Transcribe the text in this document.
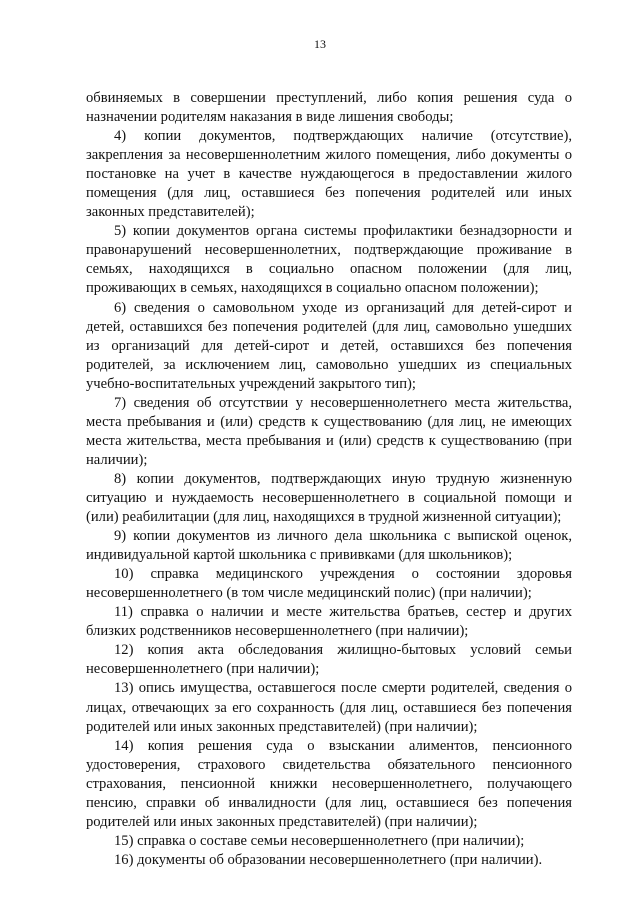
13

обвиняемых в совершении преступлений, либо копия решения суда о назначении родителям наказания в виде лишения свободы;

4) копии документов, подтверждающих наличие (отсутствие), закрепления за несовершеннолетним жилого помещения, либо документы о постановке на учет в качестве нуждающегося в предоставлении жилого помещения (для лиц, оставшиеся без попечения родителей или иных законных представителей);

5) копии документов органа системы профилактики безнадзорности и правонарушений несовершеннолетних, подтверждающие проживание в семьях, находящихся в социально опасном положении (для лиц, проживающих в семьях, находящихся в социально опасном положении);

6) сведения о самовольном уходе из организаций для детей-сирот и детей, оставшихся без попечения родителей (для лиц, самовольно ушедших из организаций для детей-сирот и детей, оставшихся без попечения родителей, за исключением лиц, самовольно ушедших из специальных учебно-воспитательных учреждений закрытого тип);

7) сведения об отсутствии у несовершеннолетнего места жительства, места пребывания и (или) средств к существованию (для лиц, не имеющих места жительства, места пребывания и (или) средств к существованию (при наличии);

8) копии документов, подтверждающих иную трудную жизненную ситуацию и нуждаемость несовершеннолетнего в социальной помощи и (или) реабилитации (для лиц, находящихся в трудной жизненной ситуации);

9) копии документов из личного дела школьника с выпиской оценок, индивидуальной картой школьника с прививками (для школьников);

10) справка медицинского учреждения о состоянии здоровья несовершеннолетнего (в том числе медицинский полис) (при наличии);

11) справка о наличии и месте жительства братьев, сестер и других близких родственников несовершеннолетнего (при наличии);

12) копия акта обследования жилищно-бытовых условий семьи несовершеннолетнего (при наличии);

13) опись имущества, оставшегося после смерти родителей, сведения о лицах, отвечающих за его сохранность (для лиц, оставшиеся без попечения родителей или иных законных представителей) (при наличии);

14) копия решения суда о взыскании алиментов, пенсионного удостоверения, страхового свидетельства обязательного пенсионного страхования, пенсионной книжки несовершеннолетнего, получающего пенсию, справки об инвалидности (для лиц, оставшиеся без попечения родителей или иных законных представителей) (при наличии);

15) справка о составе семьи несовершеннолетнего (при наличии);

16) документы об образовании несовершеннолетнего (при наличии).
